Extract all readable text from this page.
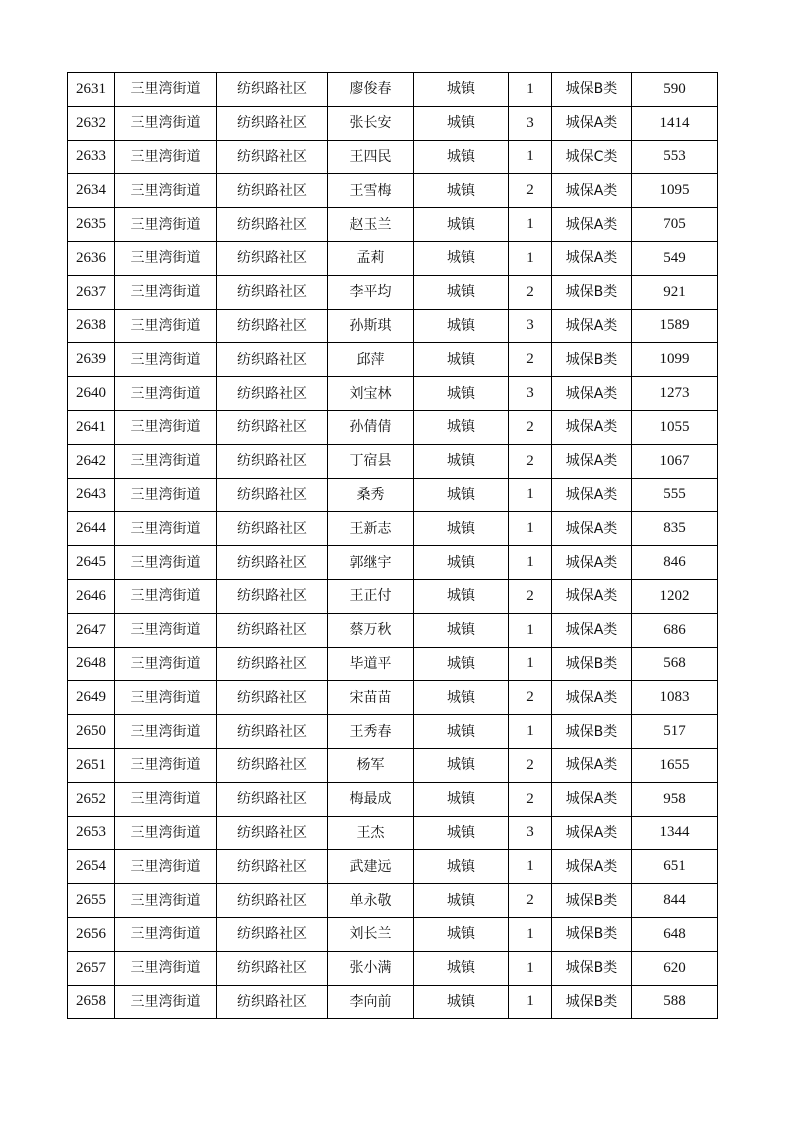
2631	三里湾街道	纺织路社区	廖俊春	城镇	1	城保B类	590
2632	三里湾街道	纺织路社区	张长安	城镇	3	城保A类	1414
2633	三里湾街道	纺织路社区	王四民	城镇	1	城保C类	553
2634	三里湾街道	纺织路社区	王雪梅	城镇	2	城保A类	1095
2635	三里湾街道	纺织路社区	赵玉兰	城镇	1	城保A类	705
2636	三里湾街道	纺织路社区	孟莉	城镇	1	城保A类	549
2637	三里湾街道	纺织路社区	李平均	城镇	2	城保B类	921
2638	三里湾街道	纺织路社区	孙斯琪	城镇	3	城保A类	1589
2639	三里湾街道	纺织路社区	邱萍	城镇	2	城保B类	1099
2640	三里湾街道	纺织路社区	刘宝林	城镇	3	城保A类	1273
2641	三里湾街道	纺织路社区	孙倩倩	城镇	2	城保A类	1055
2642	三里湾街道	纺织路社区	丁宿县	城镇	2	城保A类	1067
2643	三里湾街道	纺织路社区	桑秀	城镇	1	城保A类	555
2644	三里湾街道	纺织路社区	王新志	城镇	1	城保A类	835
2645	三里湾街道	纺织路社区	郭继宇	城镇	1	城保A类	846
2646	三里湾街道	纺织路社区	王正付	城镇	2	城保A类	1202
2647	三里湾街道	纺织路社区	蔡万秋	城镇	1	城保A类	686
2648	三里湾街道	纺织路社区	毕道平	城镇	1	城保B类	568
2649	三里湾街道	纺织路社区	宋苗苗	城镇	2	城保A类	1083
2650	三里湾街道	纺织路社区	王秀春	城镇	1	城保B类	517
2651	三里湾街道	纺织路社区	杨军	城镇	2	城保A类	1655
2652	三里湾街道	纺织路社区	梅最成	城镇	2	城保A类	958
2653	三里湾街道	纺织路社区	王杰	城镇	3	城保A类	1344
2654	三里湾街道	纺织路社区	武建远	城镇	1	城保A类	651
2655	三里湾街道	纺织路社区	单永敬	城镇	2	城保B类	844
2656	三里湾街道	纺织路社区	刘长兰	城镇	1	城保B类	648
2657	三里湾街道	纺织路社区	张小满	城镇	1	城保B类	620
2658	三里湾街道	纺织路社区	李向前	城镇	1	城保B类	588
